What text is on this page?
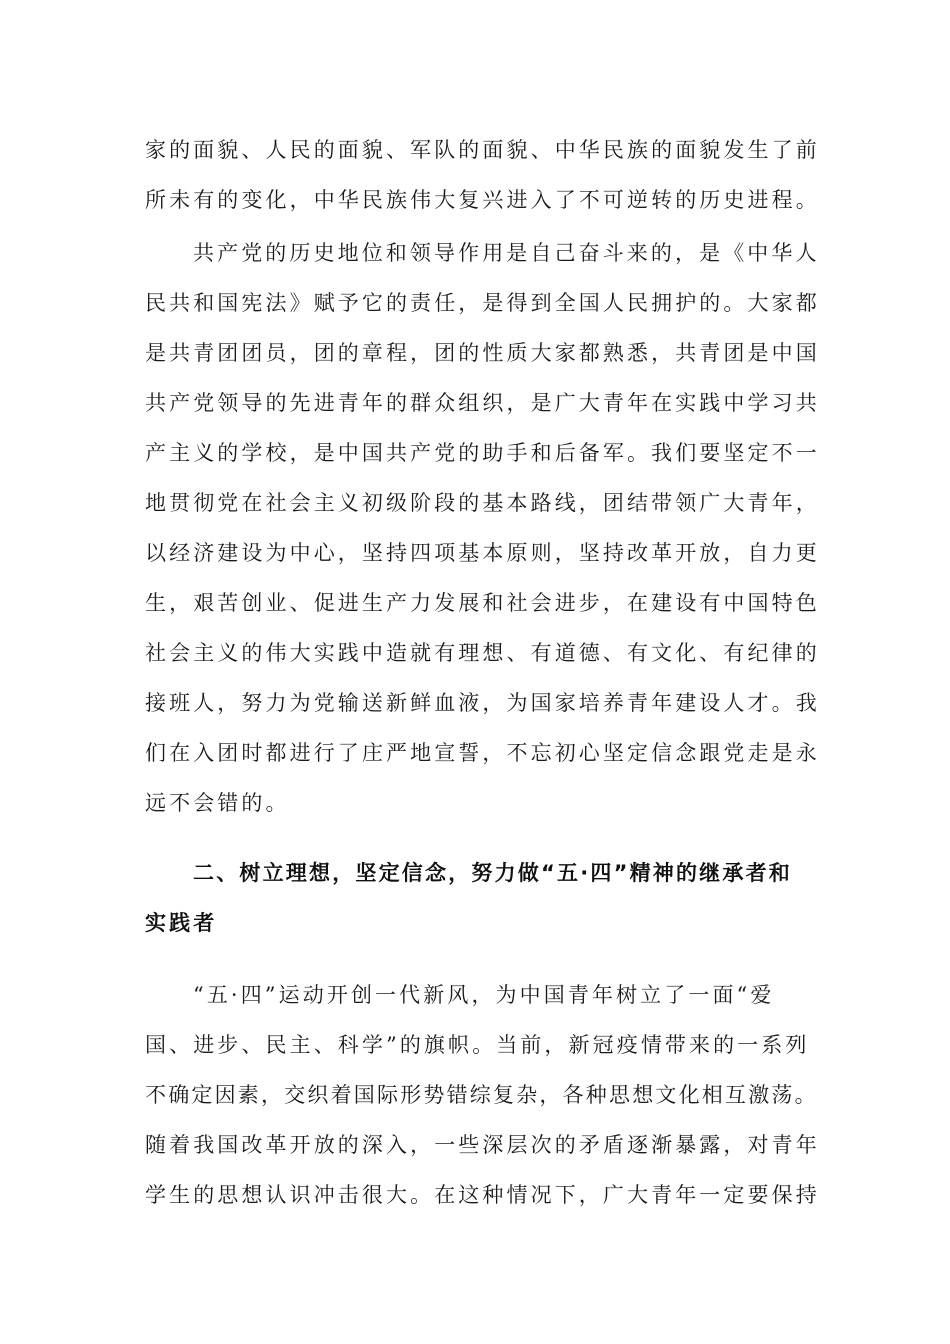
家的面貌、人民的面貌、军队的面貌、中华民族的面貌发生了前

所未有的变化，中华民族伟大复兴进入了不可逆转的历史进程。

共产党的历史地位和领导作用是自己奋斗来的，是《中华人

民共和国宪法》赋予它的责任，是得到全国人民拥护的。大家都

是共青团团员，团的章程，团的性质大家都熟悉，共青团是中国

共产党领导的先进青年的群众组织，是广大青年在实践中学习共

产主义的学校，是中国共产党的助手和后备军。我们要坚定不一

地贯彻党在社会主义初级阶段的基本路线，团结带领广大青年，

以经济建设为中心，坚持四项基本原则，坚持改革开放，自力更

生，艰苦创业、促进生产力发展和社会进步，在建设有中国特色

社会主义的伟大实践中造就有理想、有道德、有文化、有纪律的

接班人，努力为党输送新鲜血液，为国家培养青年建设人才。我

们在入团时都进行了庄严地宣誓，不忘初心坚定信念跟党走是永

远不会错的。

二、树立理想，坚定信念，努力做“五·四”精神的继承者和

实践者

“五·四”运动开创一代新风，为中国青年树立了一面“爱

国、进步、民主、科学”的旗帜。当前，新冠疫情带来的一系列

不确定因素，交织着国际形势错综复杂，各种思想文化相互激荡。

随着我国改革开放的深入，一些深层次的矛盾逐渐暴露，对青年

学生的思想认识冲击很大。在这种情况下，广大青年一定要保持
